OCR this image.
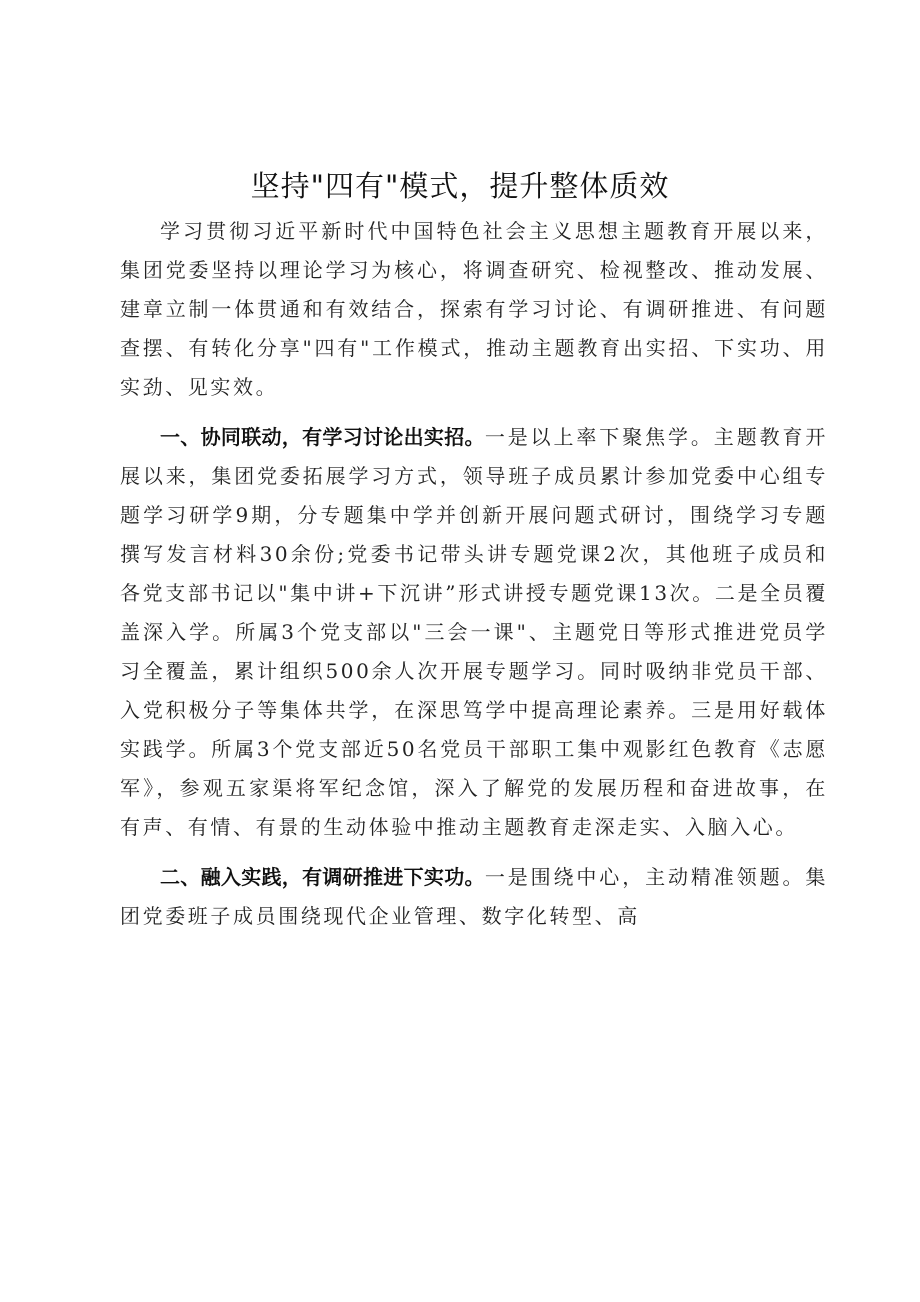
坚持"四有"模式，提升整体质效

学习贯彻习近平新时代中国特色社会主义思想主题教育开展以来，集团党委坚持以理论学习为核心，将调查研究、检视整改、推动发展、建章立制一体贯通和有效结合，探索有学习讨论、有调研推进、有问题查摆、有转化分享"四有"工作模式，推动主题教育出实招、下实功、用实劲、见实效。

一、协同联动，有学习讨论出实招。一是以上率下聚焦学。主题教育开展以来，集团党委拓展学习方式，领导班子成员累计参加党委中心组专题学习研学9期，分专题集中学并创新开展问题式研讨，围绕学习专题撰写发言材料30余份;党委书记带头讲专题党课2次，其他班子成员和各党支部书记以"集中讲+下沉讲”形式讲授专题党课13次。二是全员覆盖深入学。所属3个党支部以"三会一课"、主题党日等形式推进党员学习全覆盖，累计组织500余人次开展专题学习。同时吸纳非党员干部、入党积极分子等集体共学，在深思笃学中提高理论素养。三是用好载体实践学。所属3个党支部近50名党员干部职工集中观影红色教育《志愿军》，参观五家渠将军纪念馆，深入了解党的发展历程和奋进故事，在有声、有情、有景的生动体验中推动主题教育走深走实、入脑入心。

二、融入实践，有调研推进下实功。一是围绕中心，主动精准领题。集团党委班子成员围绕现代企业管理、数字化转型、高
